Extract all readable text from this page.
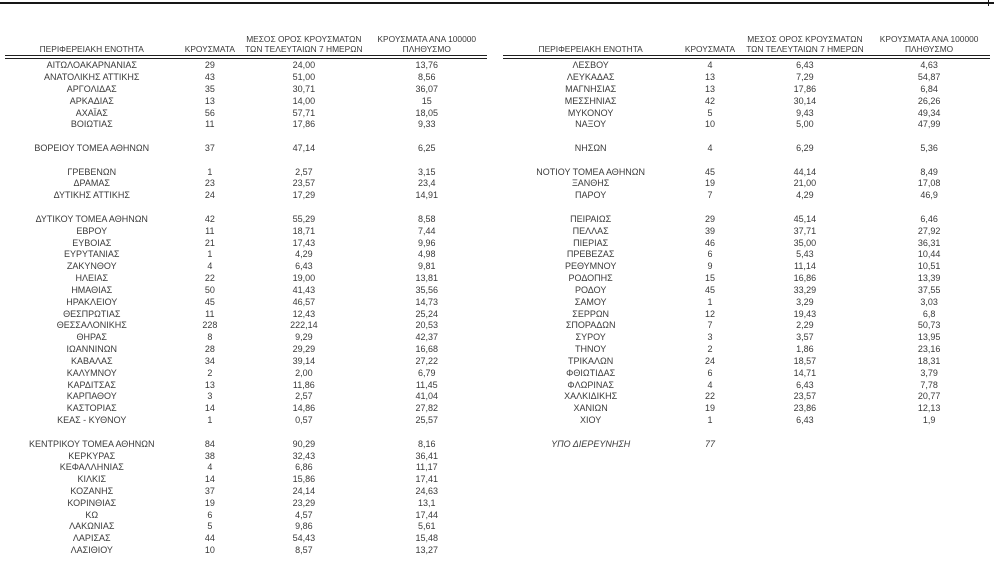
ΠΕΡΙΦΕΡΕΙΑΚΗ ΕΝΟΤΗΤΑ	ΚΡΟΥΣΜΑΤΑ	ΜΕΣΟΣ ΟΡΟΣ ΚΡΟΥΣΜΑΤΩΝ
ΤΩΝ ΤΕΛΕΥΤΑΙΩΝ 7 ΗΜΕΡΩΝ	ΚΡΟΥΣΜΑΤΑ ΑΝΑ 100000
ΠΛΗΘΥΣΜΟ

ΑΙΤΩΛΟΑΚΑΡΝΑΝΙΑΣ	29	24,00	13,76
ΑΝΑΤΟΛΙΚΗΣ ΑΤΤΙΚΗΣ	43	51,00	8,56
ΑΡΓΟΛΙΔΑΣ	35	30,71	36,07
ΑΡΚΑΔΙΑΣ	13	14,00	15
ΑΧΑΪΑΣ	56	57,71	18,05
ΒΟΙΩΤΙΑΣ	11	17,86	9,33

ΒΟΡΕΙΟΥ ΤΟΜΕΑ ΑΘΗΝΩΝ	37	47,14	6,25

ΓΡΕΒΕΝΩΝ	1	2,57	3,15
ΔΡΑΜΑΣ	23	23,57	23,4
ΔΥΤΙΚΗΣ ΑΤΤΙΚΗΣ	24	17,29	14,91

ΔΥΤΙΚΟΥ ΤΟΜΕΑ ΑΘΗΝΩΝ	42	55,29	8,58
ΕΒΡΟΥ	11	18,71	7,44
ΕΥΒΟΙΑΣ	21	17,43	9,96
ΕΥΡΥΤΑΝΙΑΣ	1	4,29	4,98
ΖΑΚΥΝΘΟΥ	4	6,43	9,81
ΗΛΕΙΑΣ	22	19,00	13,81
ΗΜΑΘΙΑΣ	50	41,43	35,56
ΗΡΑΚΛΕΙΟΥ	45	46,57	14,73
ΘΕΣΠΡΩΤΙΑΣ	11	12,43	25,24
ΘΕΣΣΑΛΟΝΙΚΗΣ	228	222,14	20,53
ΘΗΡΑΣ	8	9,29	42,37
ΙΩΑΝΝΙΝΩΝ	28	29,29	16,68
ΚΑΒΑΛΑΣ	34	39,14	27,22
ΚΑΛΥΜΝΟΥ	2	2,00	6,79
ΚΑΡΔΙΤΣΑΣ	13	11,86	11,45
ΚΑΡΠΑΘΟΥ	3	2,57	41,04
ΚΑΣΤΟΡΙΑΣ	14	14,86	27,82
ΚΕΑΣ - ΚΥΘΝΟΥ	1	0,57	25,57

ΚΕΝΤΡΙΚΟΥ ΤΟΜΕΑ ΑΘΗΝΩΝ	84	90,29	8,16
ΚΕΡΚΥΡΑΣ	38	32,43	36,41
ΚΕΦΑΛΛΗΝΙΑΣ	4	6,86	11,17
ΚΙΛΚΙΣ	14	15,86	17,41
ΚΟΖΑΝΗΣ	37	24,14	24,63
ΚΟΡΙΝΘΙΑΣ	19	23,29	13,1
ΚΩ	6	4,57	17,44
ΛΑΚΩΝΙΑΣ	5	9,86	5,61
ΛΑΡΙΣΑΣ	44	54,43	15,48
ΛΑΣΙΘΙΟΥ	10	8,57	13,27
ΠΕΡΙΦΕΡΕΙΑΚΗ ΕΝΟΤΗΤΑ	ΚΡΟΥΣΜΑΤΑ	ΜΕΣΟΣ ΟΡΟΣ ΚΡΟΥΣΜΑΤΩΝ
ΤΩΝ ΤΕΛΕΥΤΑΙΩΝ 7 ΗΜΕΡΩΝ	ΚΡΟΥΣΜΑΤΑ ΑΝΑ 100000
ΠΛΗΘΥΣΜΟ

ΛΕΣΒΟΥ	4	6,43	4,63
ΛΕΥΚΑΔΑΣ	13	7,29	54,87
ΜΑΓΝΗΣΙΑΣ	13	17,86	6,84
ΜΕΣΣΗΝΙΑΣ	42	30,14	26,26
ΜΥΚΟΝΟΥ	5	9,43	49,34
ΝΑΞΟΥ	10	5,00	47,99

ΝΗΣΩΝ	4	6,29	5,36

ΝΟΤΙΟΥ ΤΟΜΕΑ ΑΘΗΝΩΝ	45	44,14	8,49
ΞΑΝΘΗΣ	19	21,00	17,08
ΠΑΡΟΥ	7	4,29	46,9

ΠΕΙΡΑΙΩΣ	29	45,14	6,46
ΠΕΛΛΑΣ	39	37,71	27,92
ΠΙΕΡΙΑΣ	46	35,00	36,31
ΠΡΕΒΕΖΑΣ	6	5,43	10,44
ΡΕΘΥΜΝΟΥ	9	11,14	10,51
ΡΟΔΟΠΗΣ	15	16,86	13,39
ΡΟΔΟΥ	45	33,29	37,55
ΣΑΜΟΥ	1	3,29	3,03
ΣΕΡΡΩΝ	12	19,43	6,8
ΣΠΟΡΑΔΩΝ	7	2,29	50,73
ΣΥΡΟΥ	3	3,57	13,95
ΤΗΝΟΥ	2	1,86	23,16
ΤΡΙΚΑΛΩΝ	24	18,57	18,31
ΦΘΙΩΤΙΔΑΣ	6	14,71	3,79
ΦΛΩΡΙΝΑΣ	4	6,43	7,78
ΧΑΛΚΙΔΙΚΗΣ	22	23,57	20,77
ΧΑΝΙΩΝ	19	23,86	12,13
ΧΙΟΥ	1	6,43	1,9

ΥΠΟ ΔΙΕΡΕΥΝΗΣΗ	77		
